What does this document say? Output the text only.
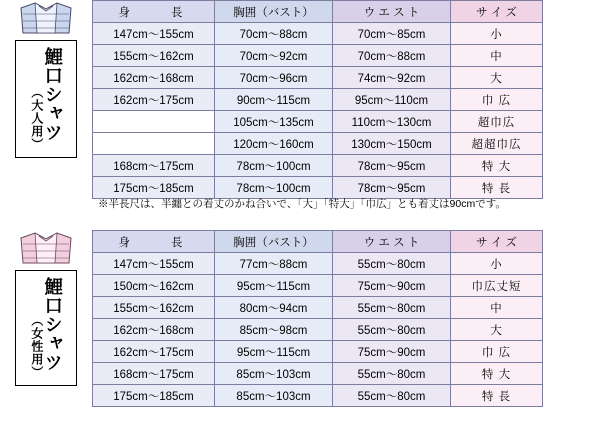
鯉口シャツ
（大人用）
身　　長	胸囲（バスト）	ウ エ ス ト	サ イ ズ
147cm〜155cm	70cm〜88cm	70cm〜85cm	小
155cm〜162cm	70cm〜92cm	70cm〜88cm	中
162cm〜168cm	70cm〜96cm	74cm〜92cm	大
162cm〜175cm	90cm〜115cm	95cm〜110cm	巾 広
	105cm〜135cm	110cm〜130cm	超巾広
	120cm〜160cm	130cm〜150cm	超超巾広
168cm〜175cm	78cm〜100cm	78cm〜95cm	特 大
175cm〜185cm	78cm〜100cm	78cm〜95cm	特 長
※半長尺は、半纏との着丈のかね合いで、「大」「特大」「巾広」とも着丈は90cmです。
鯉口シャツ
（女性用）
身　　長	胸囲（バスト）	ウ エ ス ト	サ イ ズ
147cm〜155cm	77cm〜88cm	55cm〜80cm	小
150cm〜162cm	95cm〜115cm	75cm〜90cm	巾広丈短
155cm〜162cm	80cm〜94cm	55cm〜80cm	中
162cm〜168cm	85cm〜98cm	55cm〜80cm	大
162cm〜175cm	95cm〜115cm	75cm〜90cm	巾 広
168cm〜175cm	85cm〜103cm	55cm〜80cm	特 大
175cm〜185cm	85cm〜103cm	55cm〜80cm	特 長
